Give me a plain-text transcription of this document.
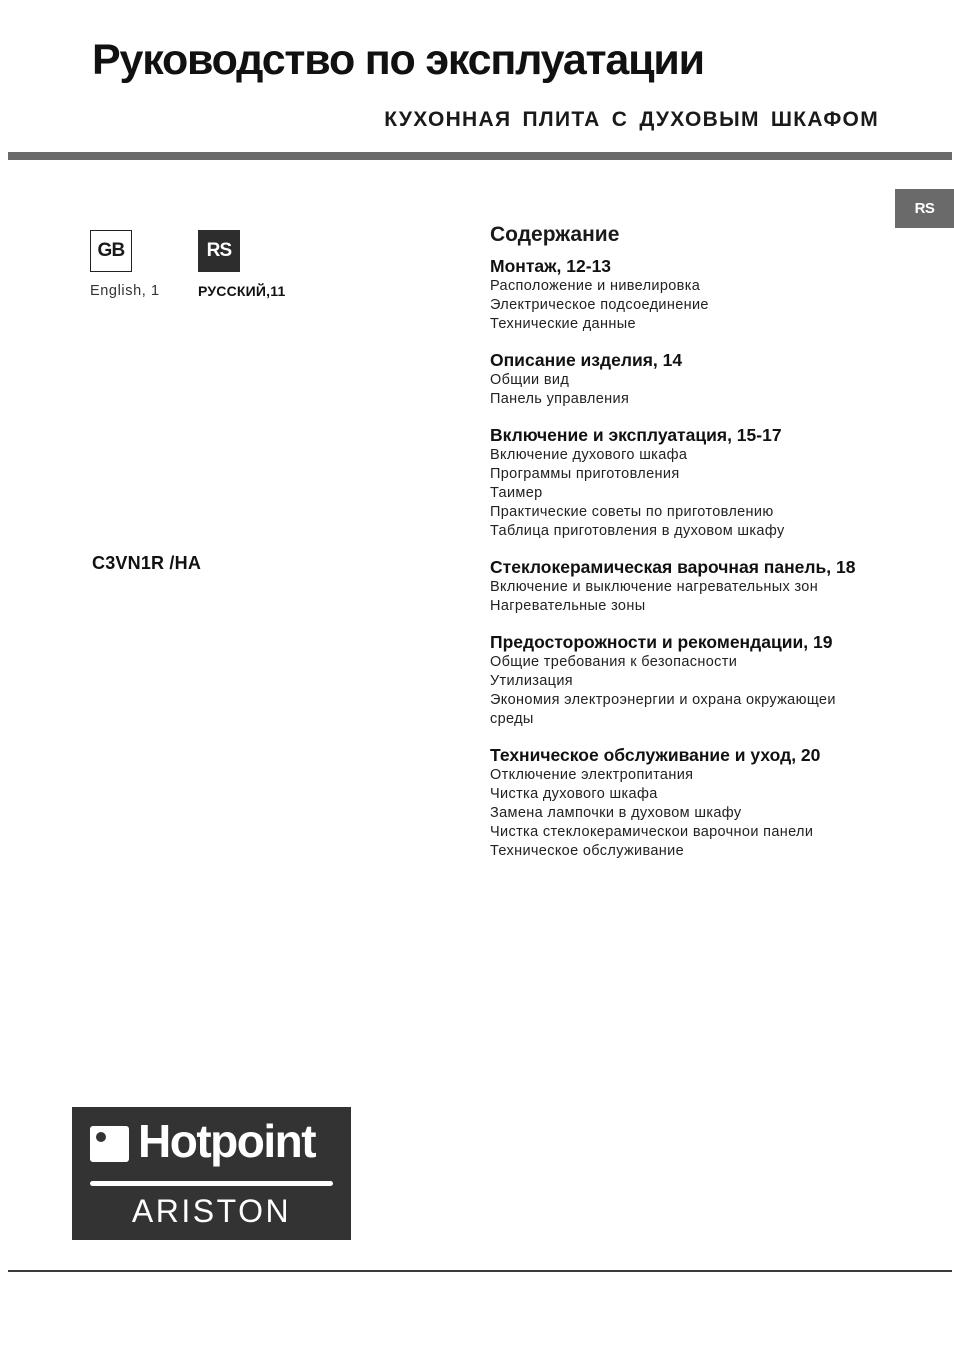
Руководство по эксплуатации

КУХОННАЯ ПЛИТА С ДУХОВЫМ ШКАФОМ

RS
GB	RS
English, 1	РУССКИЙ,11
C3VN1R /HA
Содержание
Монтаж, 12-13
Расположение и нивелировка
Электрическое подсоединение
Технические данные
Описание изделия, 14
Общии вид
Панель управления
Включение и эксплуатация, 15-17
Включение духового шкафа
Программы приготовления
Таимер
Практические советы по приготовлению
Таблица приготовления в духовом шкафу
Стеклокерамическая варочная панель, 18
Включение и выключение нагревательных зон
Нагревательные зоны
Предосторожности и рекомендации, 19
Общие требования к безопасности
Утилизация
Экономия электроэнергии и охрана окружающеи
среды
Техническое обслуживание и уход, 20
Отключение электропитания
Чистка духового шкафа
Замена лампочки в духовом шкафу
Чистка стеклокерамическои варочнои панели
Техническое обслуживание
Hotpoint
ARISTON
